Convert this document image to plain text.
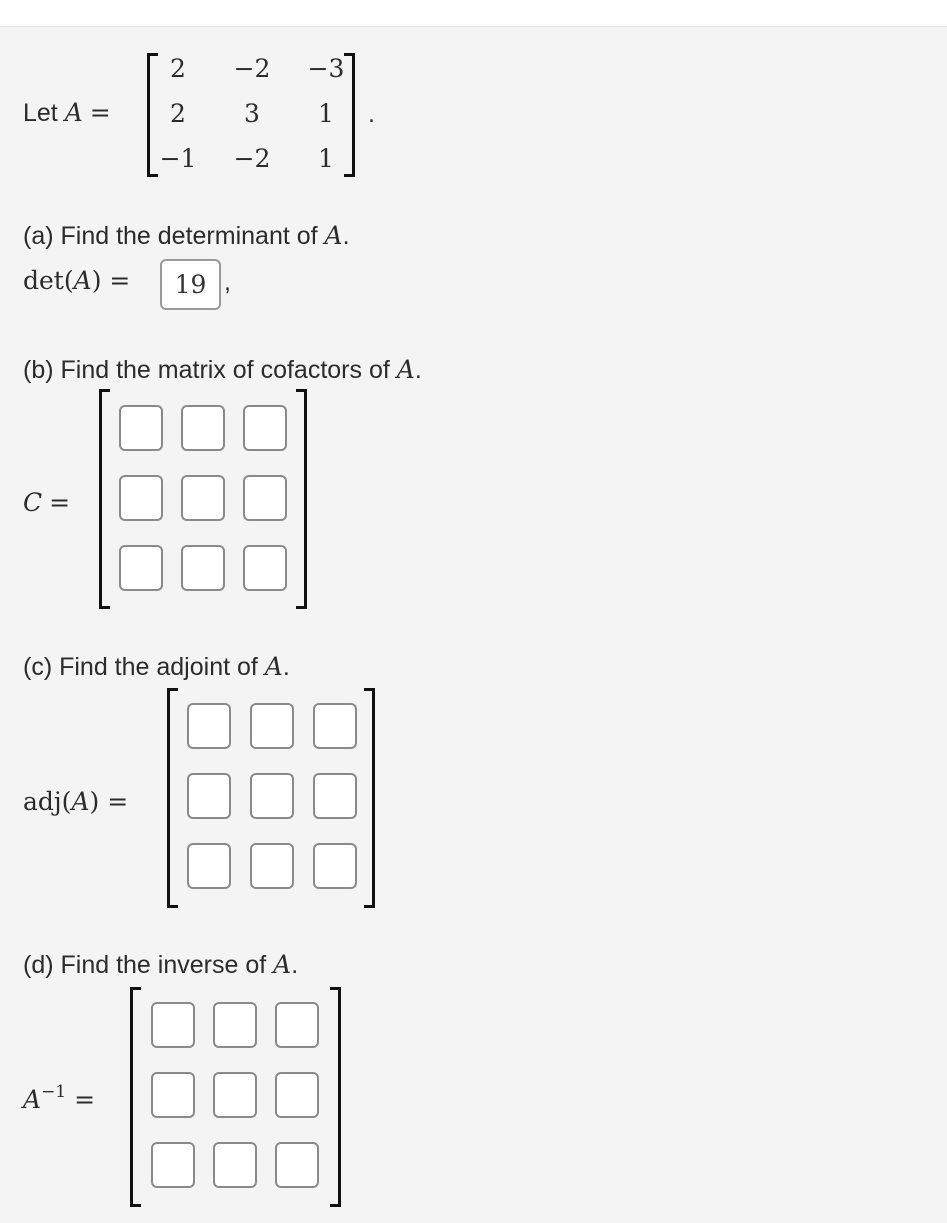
Let A =
2	−2	−3
2	3	1
−1	−2	1
.
(a) Find the determinant of A.
det(A) =	19 ,
(b) Find the matrix of cofactors of A.
C =
(c) Find the adjoint of A.
adj(A) =
(d) Find the inverse of A.
$A^{-1}$ =
